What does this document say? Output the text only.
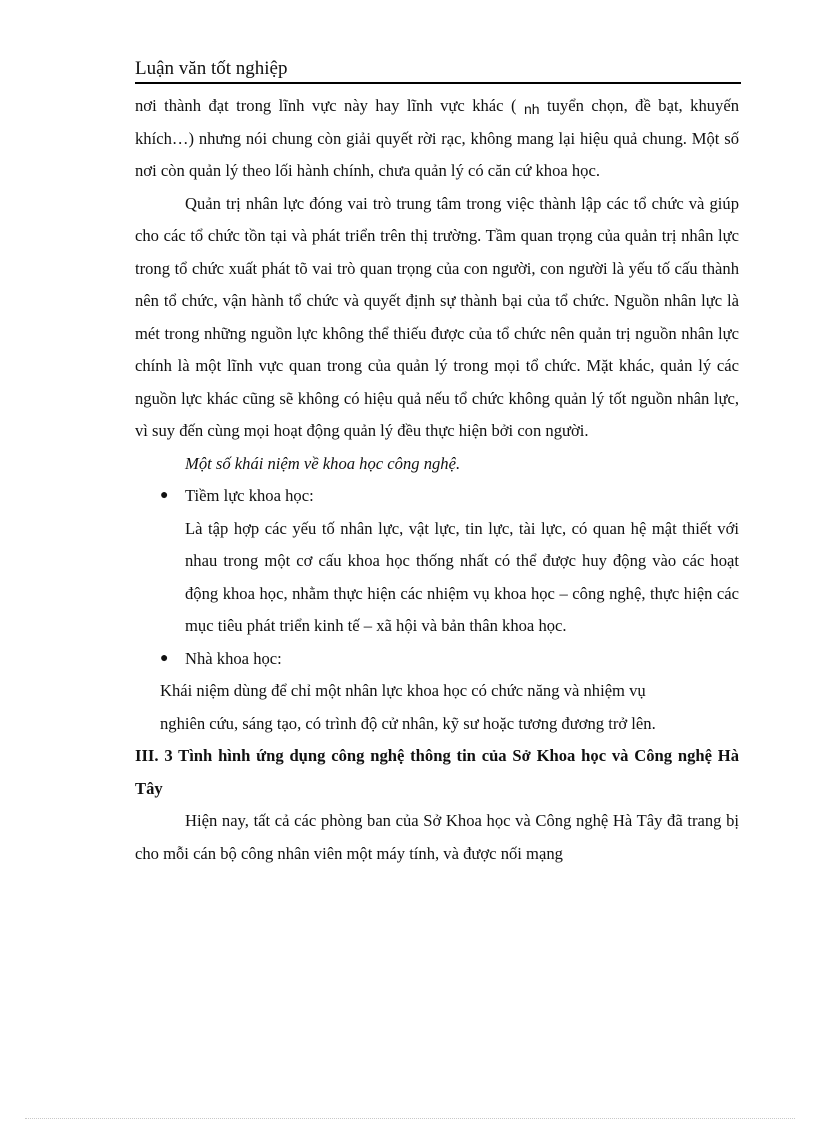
Luận văn tốt nghiệp

nơi thành đạt trong lĩnh vực này hay lĩnh vực khác ( nh tuyển chọn, đề bạt, khuyến khích…) nhưng nói chung còn giải quyết rời rạc, không mang lại hiệu quả chung. Một số nơi còn quản lý theo lối hành chính, chưa quản lý có căn cứ khoa học.

Quản trị nhân lực đóng vai trò trung tâm trong việc thành lập các tổ chức và giúp cho các tổ chức tồn tại và phát triển trên thị trường. Tầm quan trọng của quản trị nhân lực trong tổ chức xuất phát tõ vai trò quan trọng của con người, con người là yếu tố cấu thành nên tổ chức, vận hành tổ chức và quyết định sự thành bại của tổ chức. Nguồn nhân lực là mét trong những nguồn lực không thể thiếu được của tổ chức nên quản trị nguồn nhân lực chính là một lĩnh vực quan trong của quản lý trong mọi tổ chức. Mặt khác, quản lý các nguồn lực khác cũng sẽ không có hiệu quả nếu tổ chức không quản lý tốt nguồn nhân lực, vì suy đến cùng mọi hoạt động quản lý đều thực hiện bởi con người.

Một số khái niệm về khoa học công nghệ.

● Tiềm lực khoa học:

Là tập hợp các yếu tố nhân lực, vật lực, tin lực, tài lực, có quan hệ mật thiết với nhau trong một cơ cấu khoa học thống nhất có thể được huy động vào các hoạt động khoa học, nhằm thực hiện các nhiệm vụ khoa học – công nghệ, thực hiện các mục tiêu phát triển kinh tế – xã hội và bản thân khoa học.

● Nhà khoa học:

Khái niệm dùng để chỉ một nhân lực khoa học có chức năng và nhiệm vụ

nghiên cứu, sáng tạo, có trình độ cử nhân, kỹ sư hoặc tương đương trở lên.

III. 3 Tình hình ứng dụng công nghệ thông tin của Sở Khoa học và Công nghệ Hà Tây

Hiện nay, tất cả các phòng ban của Sở Khoa học và Công nghệ Hà Tây đã trang bị cho mỗi cán bộ công nhân viên một máy tính, và được nối mạng
